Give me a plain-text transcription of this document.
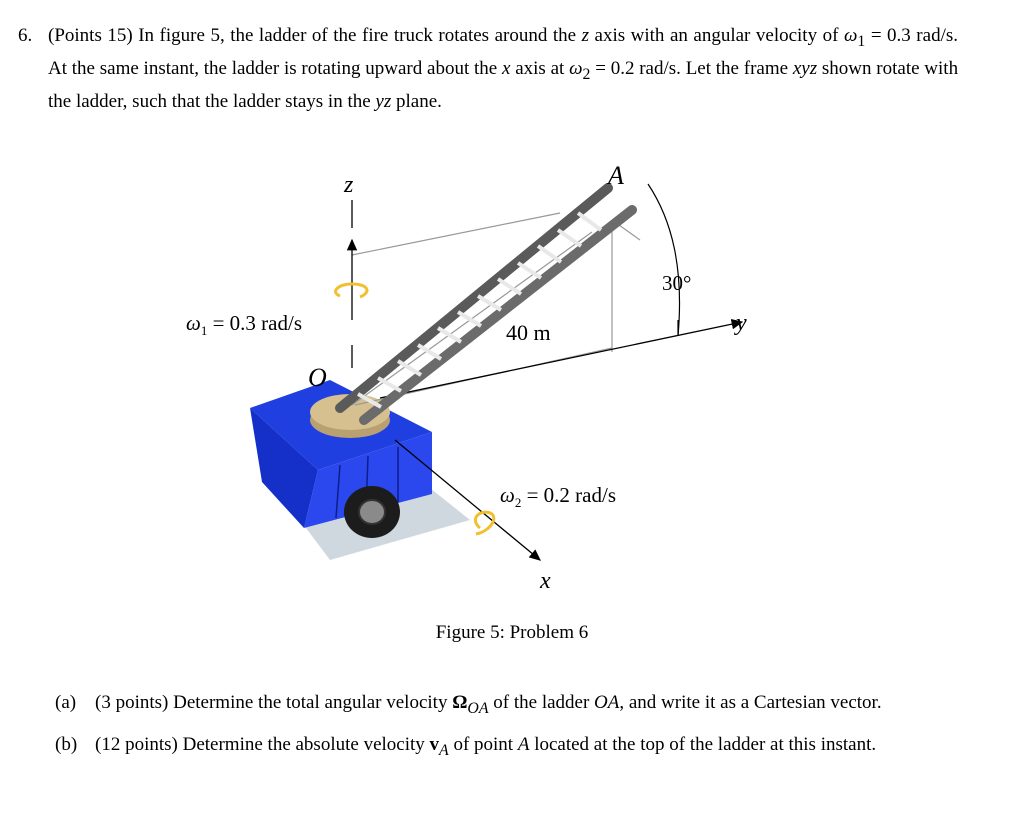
6. (Points 15) In figure 5, the ladder of the fire truck rotates around the z axis with an angular velocity of $\omega_1 = 0.3$ rad/s. At the same instant, the ladder is rotating upward about the x axis at $\omega_2 = 0.2$ rad/s. Let the frame xyz shown rotate with the ladder, such that the ladder stays in the yz plane.
z	A
30°
y
40 m
O
x
$\omega_1 = 0.3$ rad/s
$\omega_2 = 0.2$ rad/s
Figure 5: Problem 6
(a) (3 points) Determine the total angular velocity $\Omega_{OA}$ of the ladder OA, and write it as a Cartesian vector.
(b) (12 points) Determine the absolute velocity $v_A$ of point A located at the top of the ladder at this instant.
